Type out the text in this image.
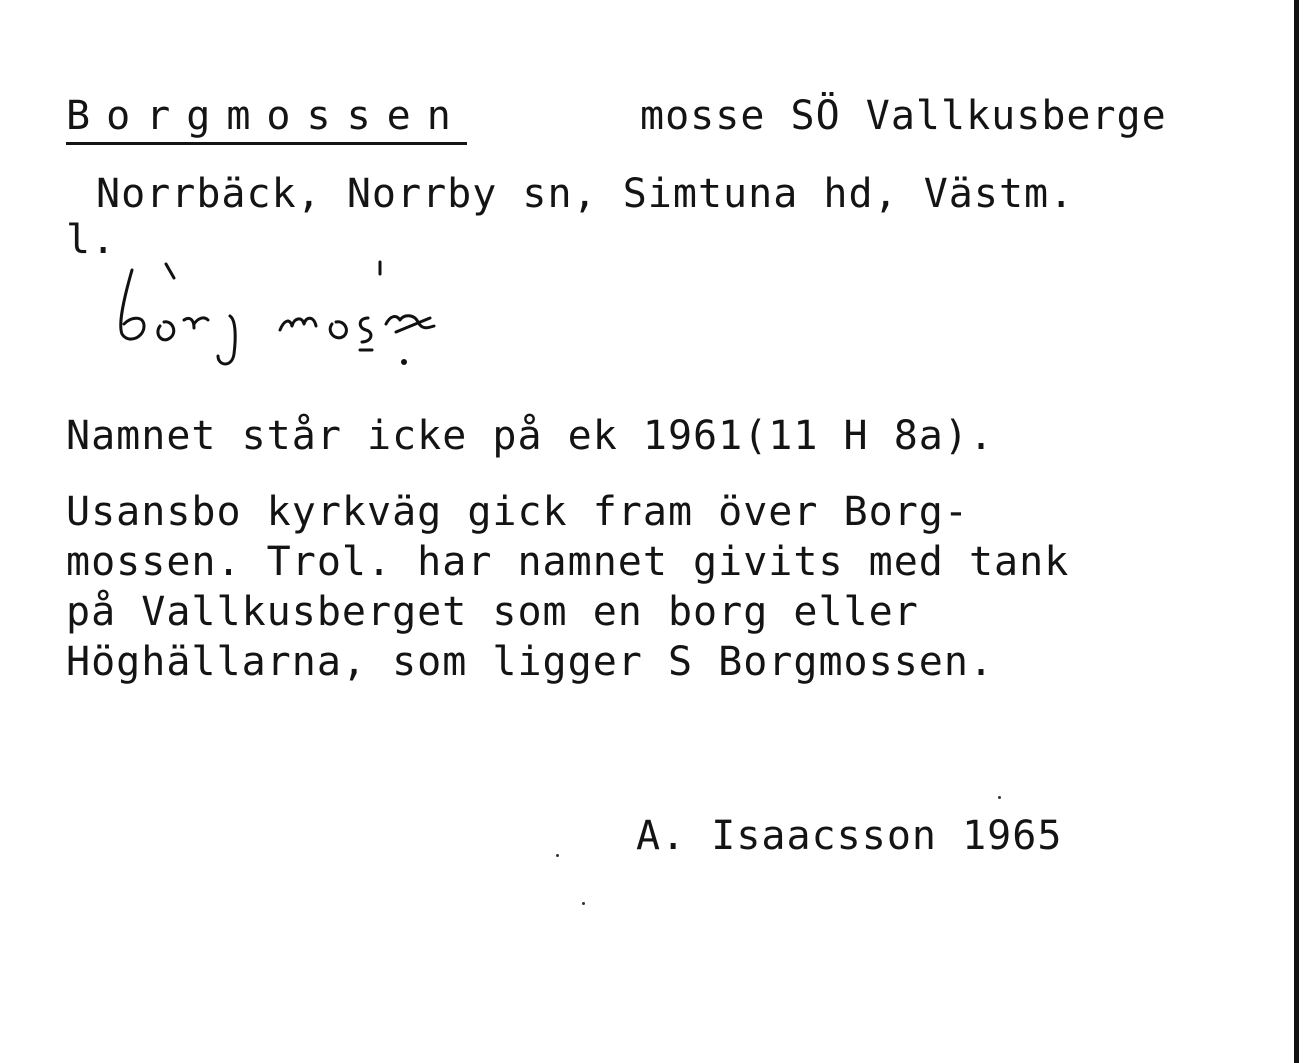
Borgmossen	mosse SÖ Vallkusberge
Norrbäck, Norrby sn, Simtuna hd, Västm.
l.
Namnet står icke på ek 1961(11 H 8a).
Usansbo kyrkväg gick fram över Borg-
mossen. Trol. har namnet givits med tank
på Vallkusberget som en borg eller
Höghällarna, som ligger S Borgmossen.
A. Isaacsson 1965
